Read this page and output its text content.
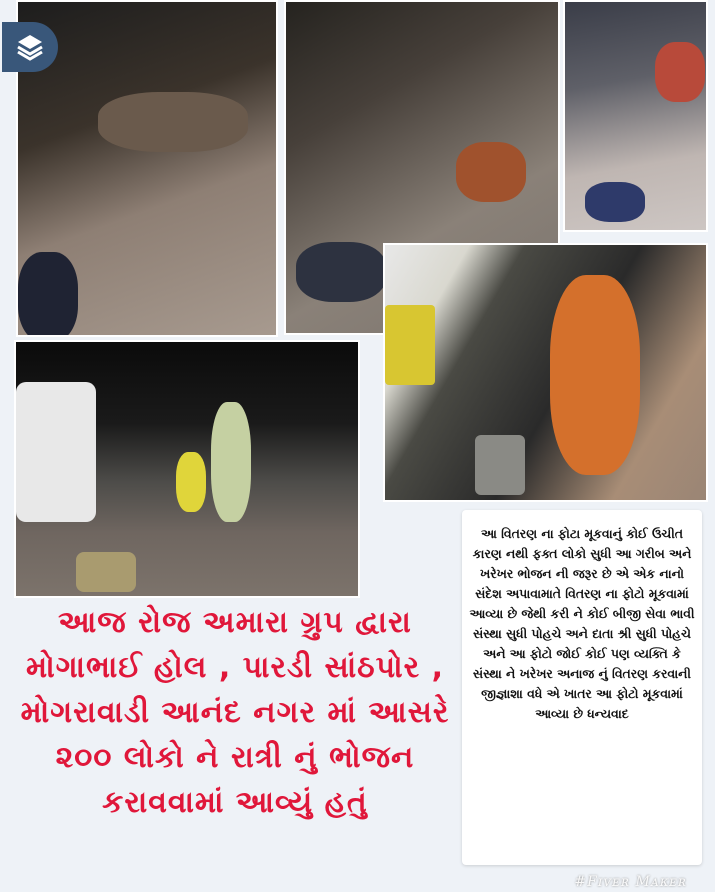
આજ રોજ અમારા ગ્રુપ દ્વારા મોગાભાઈ હોલ , પારડી સાંઠપોર , મોગરાવાડી આનંદ નગર માં આસરે ૨૦૦ લોકો ને રાત્રી નું ભોજન કરાવવામાં આવ્યું હતું
આ વિતરણ ના ફોટા મૂકવાનું કોઈ ઉચીત કારણ નથી ફક્ત લોકો સુધી આ ગરીબ અને ખરેખર ભોજન ની જરૂર છે એ એક નાનો સંદેશ અપાવામાતે વિતરણ ના ફોટો મૂકવામાં આવ્યા છે જેથી કરી ને કોઈ બીજી સેવા ભાવી સંસ્થા સુધી પોહચે અને દાતા શ્રી સુધી પોહચે અને આ ફોટો જોઈ કોઈ પણ વ્યક્તિ કે સંસ્થા ને ખરેખર અનાજ નું વિતરણ કરવાની જીજ્ઞાશા વધે એ ખાતર આ ફોટો મૂકવામાં આવ્યા છે ધન્યવાદ
#Fɪᴠᴇʀ Mᴀᴋᴇʀ
